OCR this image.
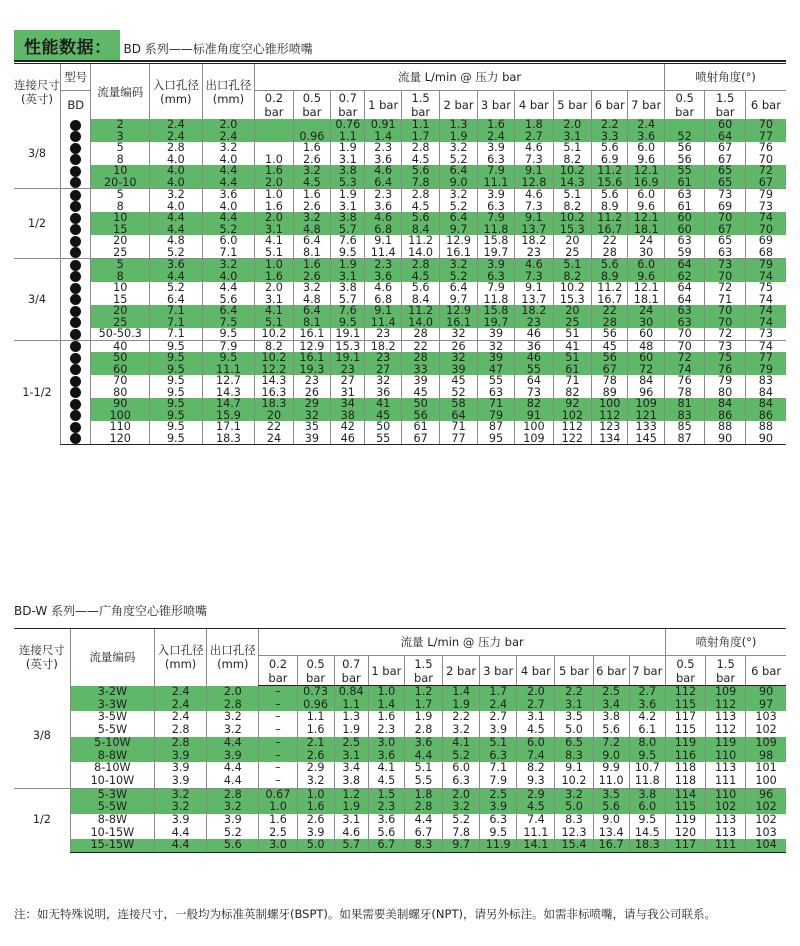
性能数据：	BD 系列——标准角度空心锥形喷嘴
连接尺寸(英寸)	型号	流量编码	入口孔径(mm)	出口孔径(mm)	流量 L/min @ 压力 bar											喷射角度(°)		
	BD				0.2 bar	0.5 bar	0.7 bar	1 bar	1.5 bar	2 bar	3 bar	4 bar	5 bar	6 bar	7 bar	0.5 bar	1.5 bar	6 bar

3/8		2	2.4	2.0			0.76	0.91	1.1	1.3	1.6	1.8	2.0	2.2	2.4		60	70
		3	2.4	2.4		0.96	1.1	1.4	1.7	1.9	2.4	2.7	3.1	3.3	3.6	52	64	77
		5	2.8	3.2		1.6	1.9	2.3	2.8	3.2	3.9	4.6	5.1	5.6	6.0	56	67	76
		8	4.0	4.0	1.0	2.6	3.1	3.6	4.5	5.2	6.3	7.3	8.2	6.9	9.6	56	67	70
		10	4.0	4.4	1.6	3.2	3.8	4.6	5.6	6.4	7.9	9.1	10.2	11.2	12.1	55	65	72
		20-10	4.0	4.4	2.0	4.5	5.3	6.4	7.8	9.0	11.1	12.8	14.3	15.6	16.9	61	65	67
1/2		5	3.2	3.6	1.0	1.6	1.9	2.3	2.8	3.2	3.9	4.6	5.1	5.6	6.0	63	73	79
		8	4.0	4.0	1.6	2.6	3.1	3.6	4.5	5.2	6.3	7.3	8.2	8.9	9.6	61	69	73
		10	4.4	4.4	2.0	3.2	3.8	4.6	5.6	6.4	7.9	9.1	10.2	11.2	12.1	60	70	74
		15	4.4	5.2	3.1	4.8	5.7	6.8	8.4	9.7	11.8	13.7	15.3	16.7	18.1	60	67	70
		20	4.8	6.0	4.1	6.4	7.6	9.1	11.2	12.9	15.8	18.2	20	22	24	63	65	69
		25	5.2	7.1	5.1	8.1	9.5	11.4	14.0	16.1	19.7	23	25	28	30	59	63	68
3/4		5	3.6	3.2	1.0	1.6	1.9	2.3	2.8	3.2	3.9	4.6	5.1	5.6	6.0	64	73	79
		8	4.4	4.0	1.6	2.6	3.1	3.6	4.5	5.2	6.3	7.3	8.2	8.9	9.6	62	70	74
		10	5.2	4.4	2.0	3.2	3.8	4.6	5.6	6.4	7.9	9.1	10.2	11.2	12.1	64	72	75
		15	6.4	5.6	3.1	4.8	5.7	6.8	8.4	9.7	11.8	13.7	15.3	16.7	18.1	64	71	74
		20	7.1	6.4	4.1	6.4	7.6	9.1	11.2	12.9	15.8	18.2	20	22	24	63	70	74
		25	7.1	7.5	5.1	8.1	9.5	11.4	14.0	16.1	19.7	23	25	28	30	63	70	74
		50-50.3	7.1	9.5	10.2	16.1	19.1	23	28	32	39	46	51	56	60	70	72	73
1-1/2		40	9.5	7.9	8.2	12.9	15.3	18.2	22	26	32	36	41	45	48	70	73	74
		50	9.5	9.5	10.2	16.1	19.1	23	28	32	39	46	51	56	60	72	75	77
		60	9.5	11.1	12.2	19.3	23	27	33	39	47	55	61	67	72	74	76	79
		70	9.5	12.7	14.3	23	27	32	39	45	55	64	71	78	84	76	79	83
		80	9.5	14.3	16.3	26	31	36	45	52	63	73	82	89	96	78	80	84
		90	9.5	14.7	18.3	29	34	41	50	58	71	82	92	100	109	81	84	84
		100	9.5	15.9	20	32	38	45	56	64	79	91	102	112	121	83	86	86
		110	9.5	17.1	22	35	42	50	61	71	87	100	112	123	133	85	88	88
		120	9.5	18.3	24	39	46	55	67	77	95	109	122	134	145	87	90	90
BD-W 系列——广角度空心锥形喷嘴
连接尺寸(英寸)	流量编码	入口孔径(mm)	出口孔径(mm)	流量 L/min @ 压力 bar											喷射角度(°)		
				0.2 bar	0.5 bar	0.7 bar	1 bar	1.5 bar	2 bar	3 bar	4 bar	5 bar	6 bar	7 bar	0.5 bar	1.5 bar	6 bar
3/8	3-2W	2.4	2.0	–	0.73	0.84	1.0	1.2	1.4	1.7	2.0	2.2	2.5	2.7	112	109	90
	3-3W	2.4	2.8	–	0.96	1.1	1.4	1.7	1.9	2.4	2.7	3.1	3.4	3.6	115	112	97
	3-5W	2.4	3.2	–	1.1	1.3	1.6	1.9	2.2	2.7	3.1	3.5	3.8	4.2	117	113	103
	5-5W	2.8	3.2	–	1.6	1.9	2.3	2.8	3.2	3.9	4.5	5.0	5.6	6.1	115	112	102
	5-10W	2.8	4.4	–	2.1	2.5	3.0	3.6	4.1	5.1	6.0	6.5	7.2	8.0	119	119	109
	8-8W	3.9	3.9	–	2.6	3.1	3.6	4.4	5.2	6.3	7.4	8.3	9.0	9.5	116	110	98
	8-10W	3.9	4.4	–	2.9	3.4	4.1	5.1	6.0	7.1	8.2	9.1	9.9	10.7	118	113	101
	10-10W	3.9	4.4	–	3.2	3.8	4.5	5.5	6.3	7.9	9.3	10.2	11.0	11.8	118	111	100
1/2	5-3W	3.2	2.8	0.67	1.0	1.2	1.5	1.8	2.0	2.5	2.9	3.2	3.5	3.8	114	110	96
	5-5W	3.2	3.2	1.0	1.6	1.9	2.3	2.8	3.2	3.9	4.5	5.0	5.6	6.0	115	102	102
	8-8W	3.9	3.9	1.6	2.6	3.1	3.6	4.4	5.2	6.3	7.4	8.3	9.0	9.5	119	113	102
	10-15W	4.4	5.2	2.5	3.9	4.6	5.6	6.7	7.8	9.5	11.1	12.3	13.4	14.5	120	113	103
	15-15W	4.4	5.6	3.0	5.0	5.7	6.7	8.3	9.7	11.9	14.1	15.4	16.7	18.3	117	111	104
注：如无特殊说明，连接尺寸，一般均为标准英制螺牙(BSPT)。如果需要美制螺牙(NPT)，请另外标注。如需非标喷嘴，请与我公司联系。
